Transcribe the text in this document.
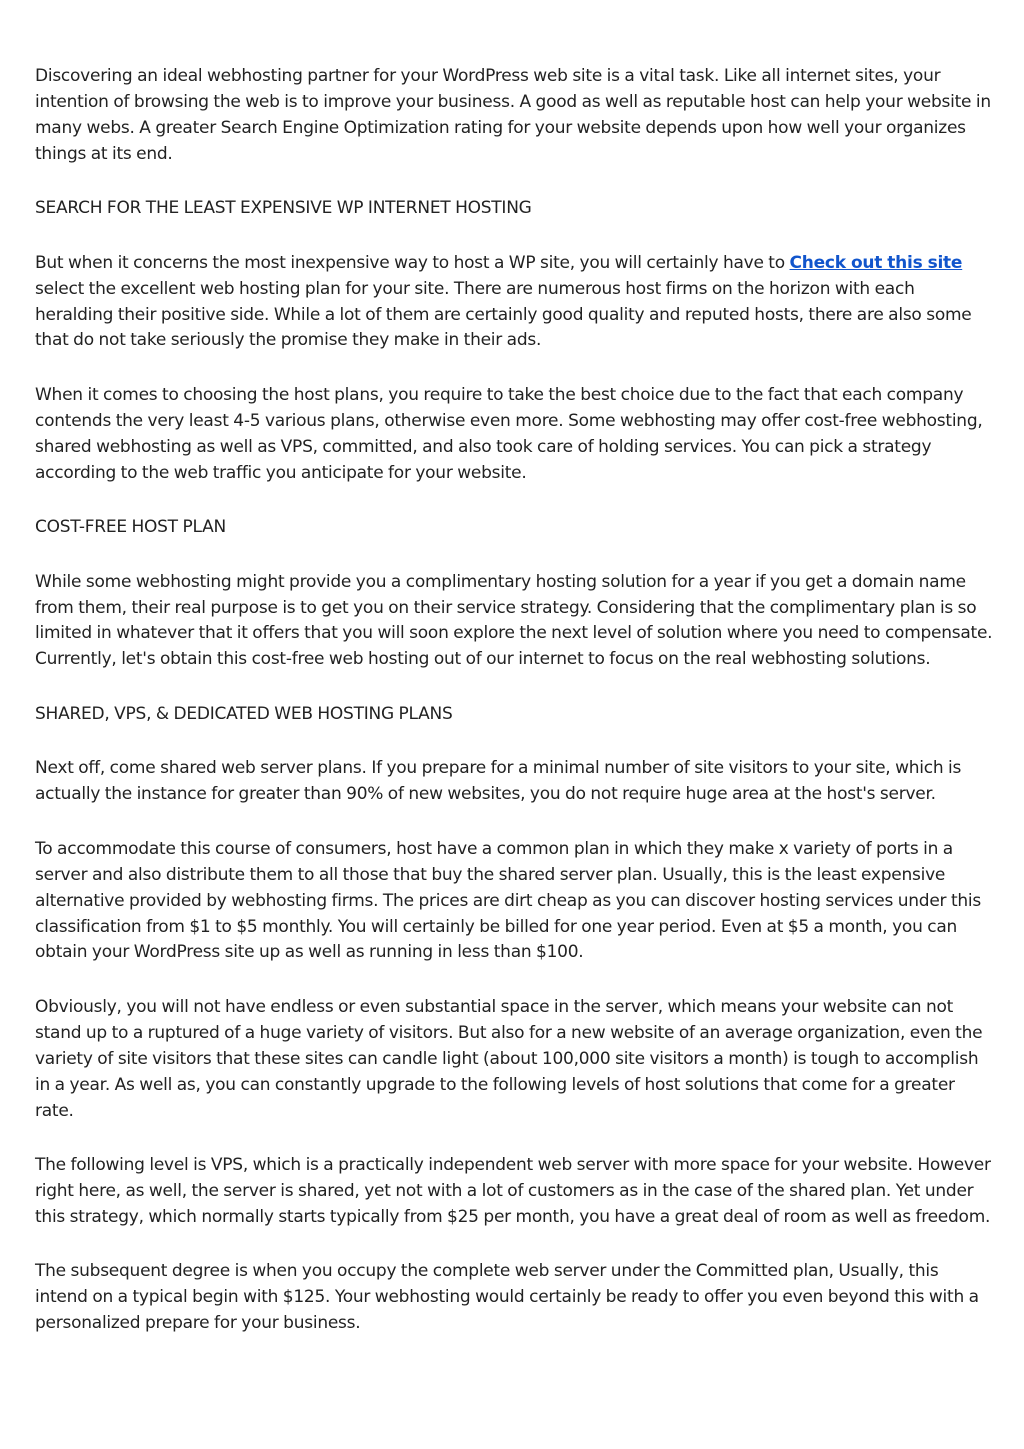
Discovering an ideal webhosting partner for your WordPress web site is a vital task. Like all internet sites, your intention of browsing the web is to improve your business. A good as well as reputable host can help your website in many webs. A greater Search Engine Optimization rating for your website depends upon how well your organizes things at its end.

SEARCH FOR THE LEAST EXPENSIVE WP INTERNET HOSTING

But when it concerns the most inexpensive way to host a WP site, you will certainly have to Check out this site select the excellent web hosting plan for your site. There are numerous host firms on the horizon with each heralding their positive side. While a lot of them are certainly good quality and reputed hosts, there are also some that do not take seriously the promise they make in their ads.

When it comes to choosing the host plans, you require to take the best choice due to the fact that each company contends the very least 4-5 various plans, otherwise even more. Some webhosting may offer cost-free webhosting, shared webhosting as well as VPS, committed, and also took care of holding services. You can pick a strategy according to the web traffic you anticipate for your website.

COST-FREE HOST PLAN

While some webhosting might provide you a complimentary hosting solution for a year if you get a domain name from them, their real purpose is to get you on their service strategy. Considering that the complimentary plan is so limited in whatever that it offers that you will soon explore the next level of solution where you need to compensate. Currently, let's obtain this cost-free web hosting out of our internet to focus on the real webhosting solutions.

SHARED, VPS, & DEDICATED WEB HOSTING PLANS

Next off, come shared web server plans. If you prepare for a minimal number of site visitors to your site, which is actually the instance for greater than 90% of new websites, you do not require huge area at the host's server.

To accommodate this course of consumers, host have a common plan in which they make x variety of ports in a server and also distribute them to all those that buy the shared server plan. Usually, this is the least expensive alternative provided by webhosting firms. The prices are dirt cheap as you can discover hosting services under this classification from $1 to $5 monthly. You will certainly be billed for one year period. Even at $5 a month, you can obtain your WordPress site up as well as running in less than $100.

Obviously, you will not have endless or even substantial space in the server, which means your website can not stand up to a ruptured of a huge variety of visitors. But also for a new website of an average organization, even the variety of site visitors that these sites can candle light (about 100,000 site visitors a month) is tough to accomplish in a year. As well as, you can constantly upgrade to the following levels of host solutions that come for a greater rate.

The following level is VPS, which is a practically independent web server with more space for your website. However right here, as well, the server is shared, yet not with a lot of customers as in the case of the shared plan. Yet under this strategy, which normally starts typically from $25 per month, you have a great deal of room as well as freedom.

The subsequent degree is when you occupy the complete web server under the Committed plan, Usually, this intend on a typical begin with $125. Your webhosting would certainly be ready to offer you even beyond this with a personalized prepare for your business.
